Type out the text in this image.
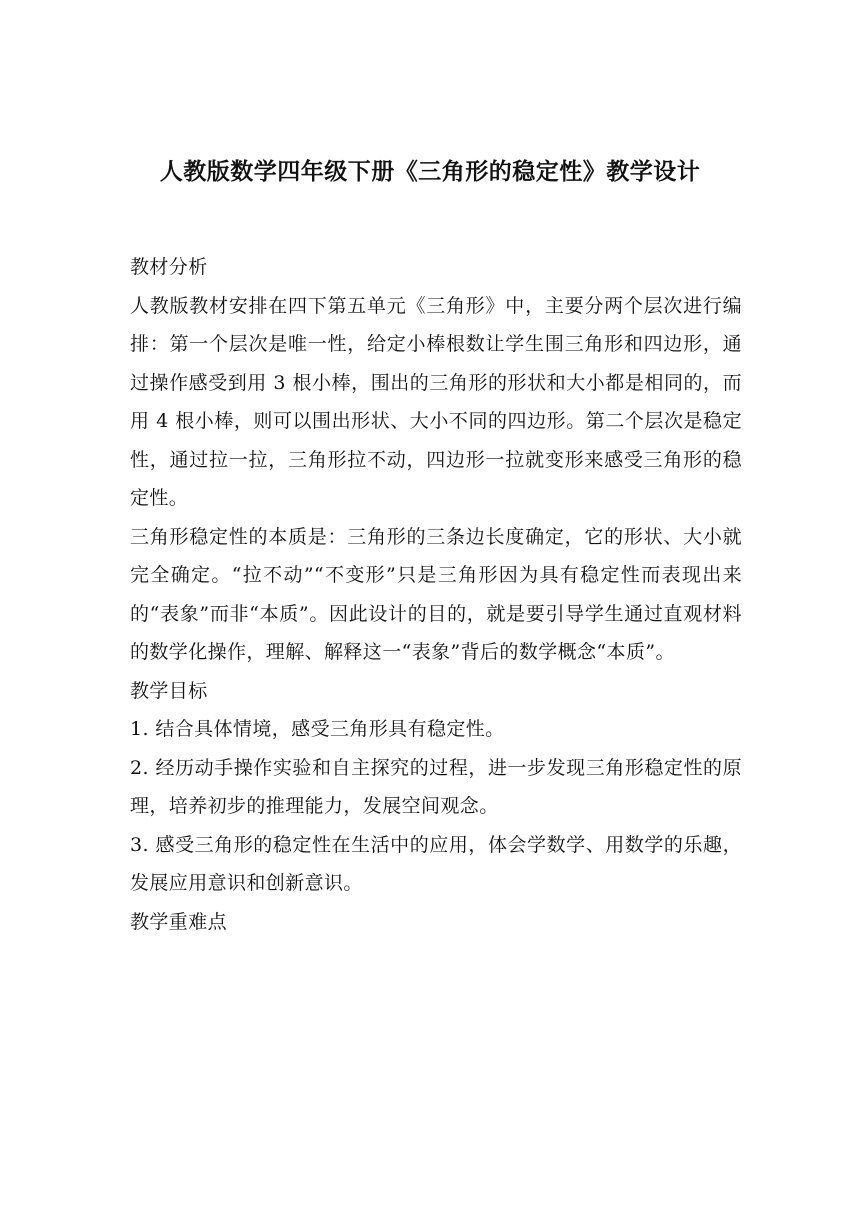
人教版数学四年级下册《三角形的稳定性》教学设计

教材分析

人教版教材安排在四下第五单元《三角形》中，主要分两个层次进行编排：第一个层次是唯一性，给定小棒根数让学生围三角形和四边形，通过操作感受到用 3 根小棒，围出的三角形的形状和大小都是相同的，而用 4 根小棒，则可以围出形状、大小不同的四边形。第二个层次是稳定性，通过拉一拉，三角形拉不动，四边形一拉就变形来感受三角形的稳定性。

三角形稳定性的本质是：三角形的三条边长度确定，它的形状、大小就完全确定。“拉不动”“不变形”只是三角形因为具有稳定性而表现出来的“表象”而非“本质”。因此设计的目的，就是要引导学生通过直观材料的数学化操作，理解、解释这一“表象”背后的数学概念“本质”。

教学目标

1. 结合具体情境，感受三角形具有稳定性。

2. 经历动手操作实验和自主探究的过程，进一步发现三角形稳定性的原理，培养初步的推理能力，发展空间观念。

3. 感受三角形的稳定性在生活中的应用，体会学数学、用数学的乐趣，发展应用意识和创新意识。

教学重难点
